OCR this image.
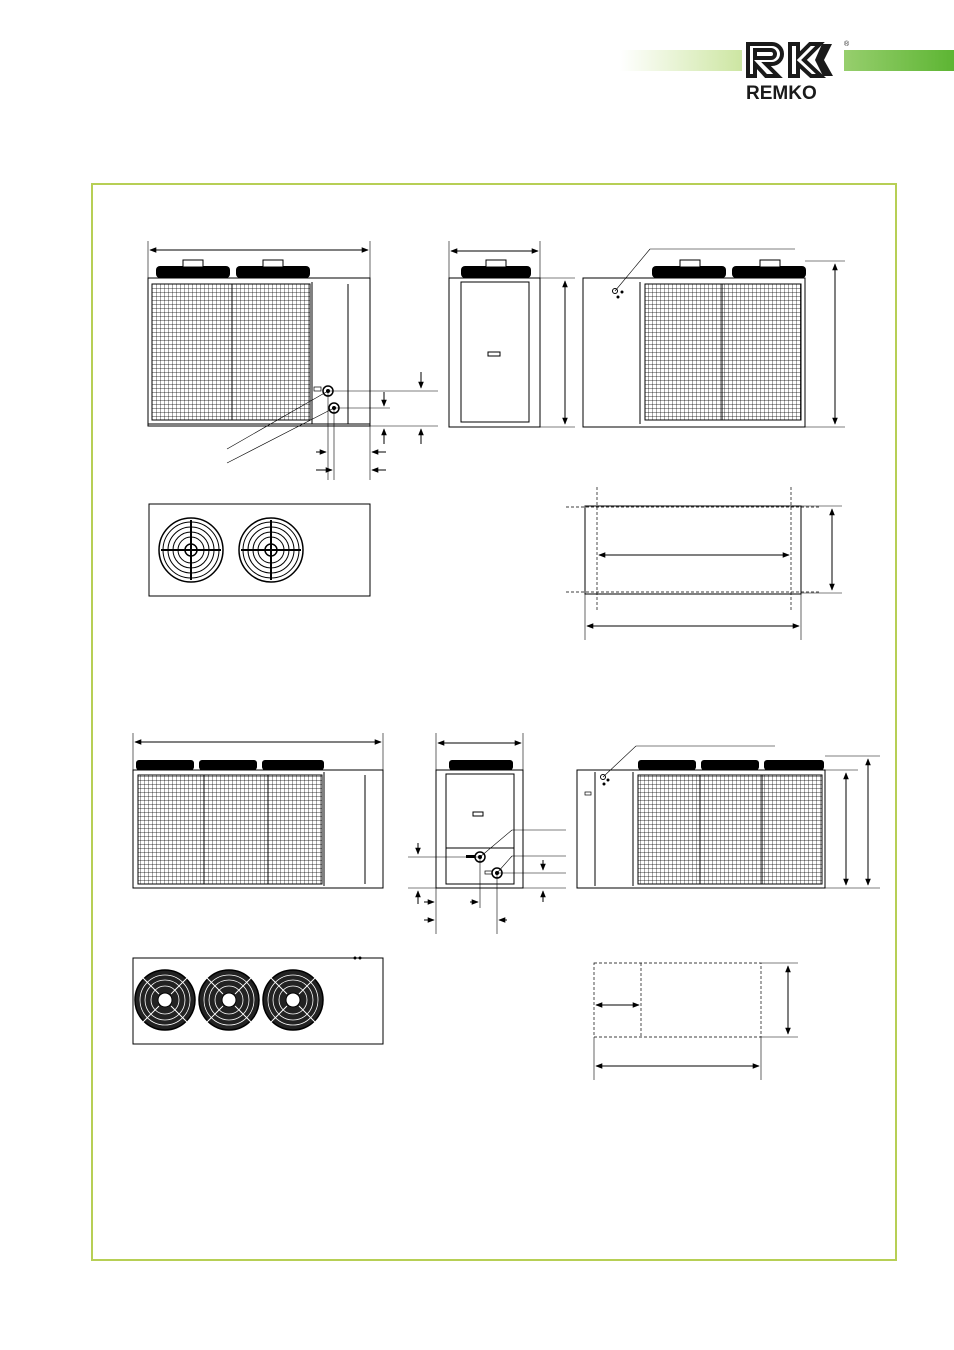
®
REMKO
